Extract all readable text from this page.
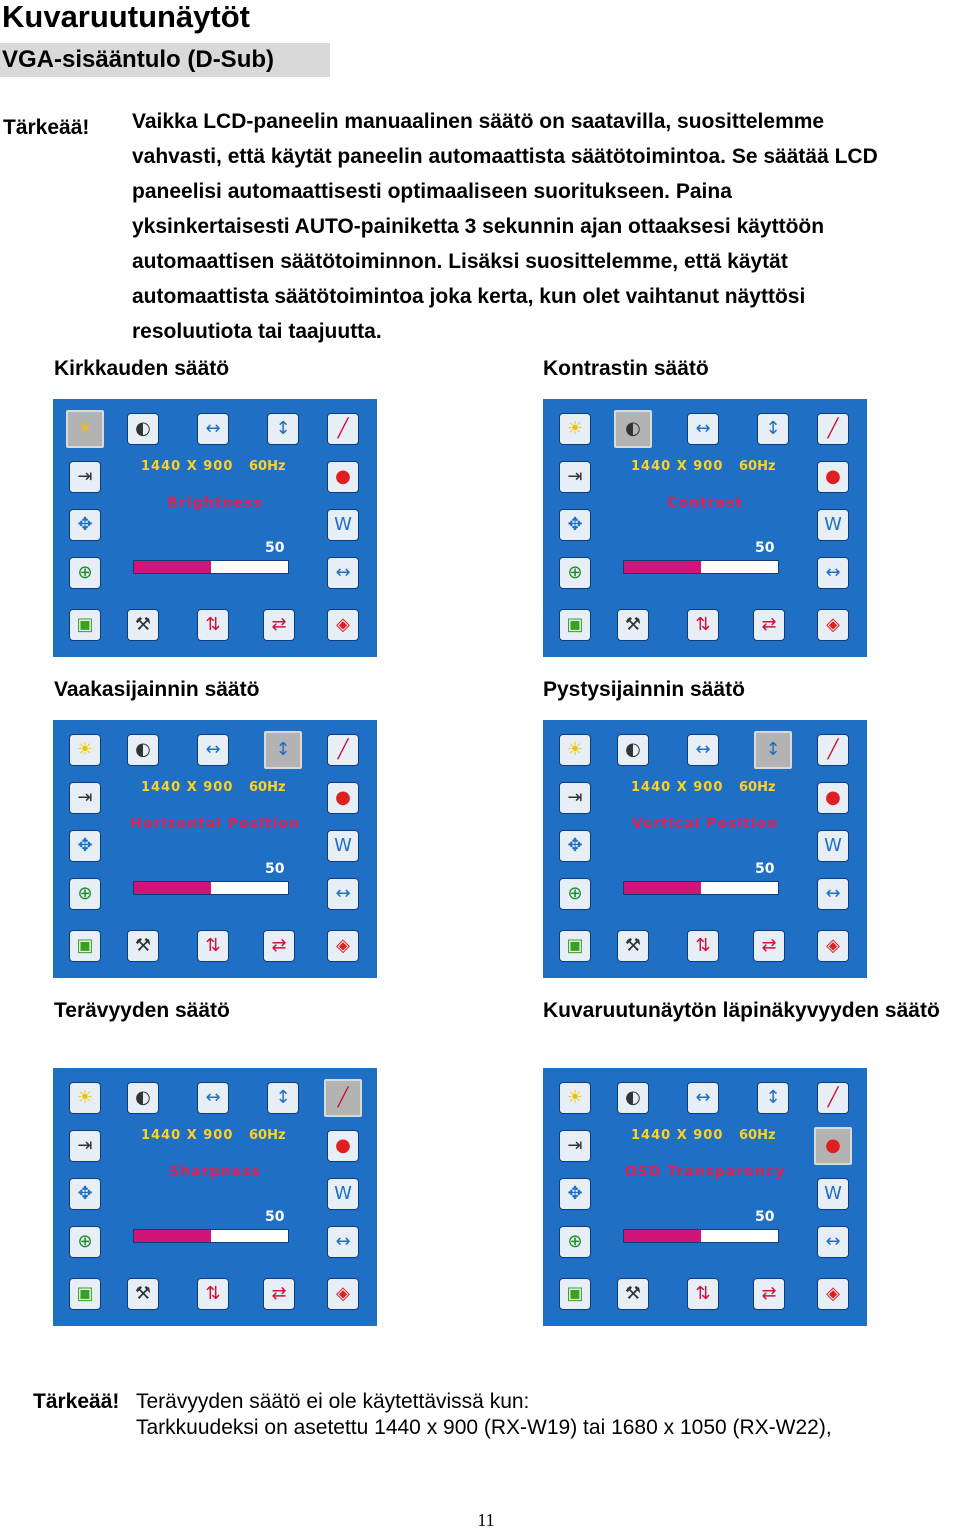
Kuvaruutunäytöt
VGA-sisääntulo (D-Sub)
Tärkeää! Vaikka LCD-paneelin manuaalinen säätö on saatavilla, suosittelemme
vahvasti, että käytät paneelin automaattista säätötoimintoa. Se säätää LCD
paneelisi automaattisesti optimaaliseen suoritukseen. Paina
yksinkertaisesti AUTO-painiketta 3 sekunnin ajan ottaaksesi käyttöön
automaattisen säätötoiminnon. Lisäksi suosittelemme, että käytät
automaattista säätötoimintoa joka kerta, kun olet vaihtanut näyttösi
resoluutiota tai taajuutta.
Kirkkauden säätö	Kontrastin säätö
Vaakasijainnin säätö	Pystysijainnin säätö
Terävyyden säätö	Kuvaruutunäytön läpinäkyvyyden säätö
☀	◐	↔	↕	╱
⇥	●
✥	W
⊕	↔
▣	⚒	⇅	⇄	◈
1440 X 900 60Hz
Brightness
50
☀	◐	↔	↕	╱
⇥	●
✥	W
⊕	↔
▣	⚒	⇅	⇄	◈
1440 X 900 60Hz
Contrast
50
☀	◐	↔	↕	╱
⇥	●
✥	W
⊕	↔
▣	⚒	⇅	⇄	◈
1440 X 900 60Hz
Horizontal Position
50
☀	◐	↔	↕	╱
⇥	●
✥	W
⊕	↔
▣	⚒	⇅	⇄	◈
1440 X 900 60Hz
Vertical Position
50
☀	◐	↔	↕	╱
⇥	●
✥	W
⊕	↔
▣	⚒	⇅	⇄	◈
1440 X 900 60Hz
Sharpness
50
☀	◐	↔	↕	╱
⇥	●
✥	W
⊕	↔
▣	⚒	⇅	⇄	◈
1440 X 900 60Hz
OSD Transparency
50
Tärkeää! Terävyyden säätö ei ole käytettävissä kun:
Tarkkuudeksi on asetettu 1440 x 900 (RX-W19) tai 1680 x 1050 (RX-W22),
11
